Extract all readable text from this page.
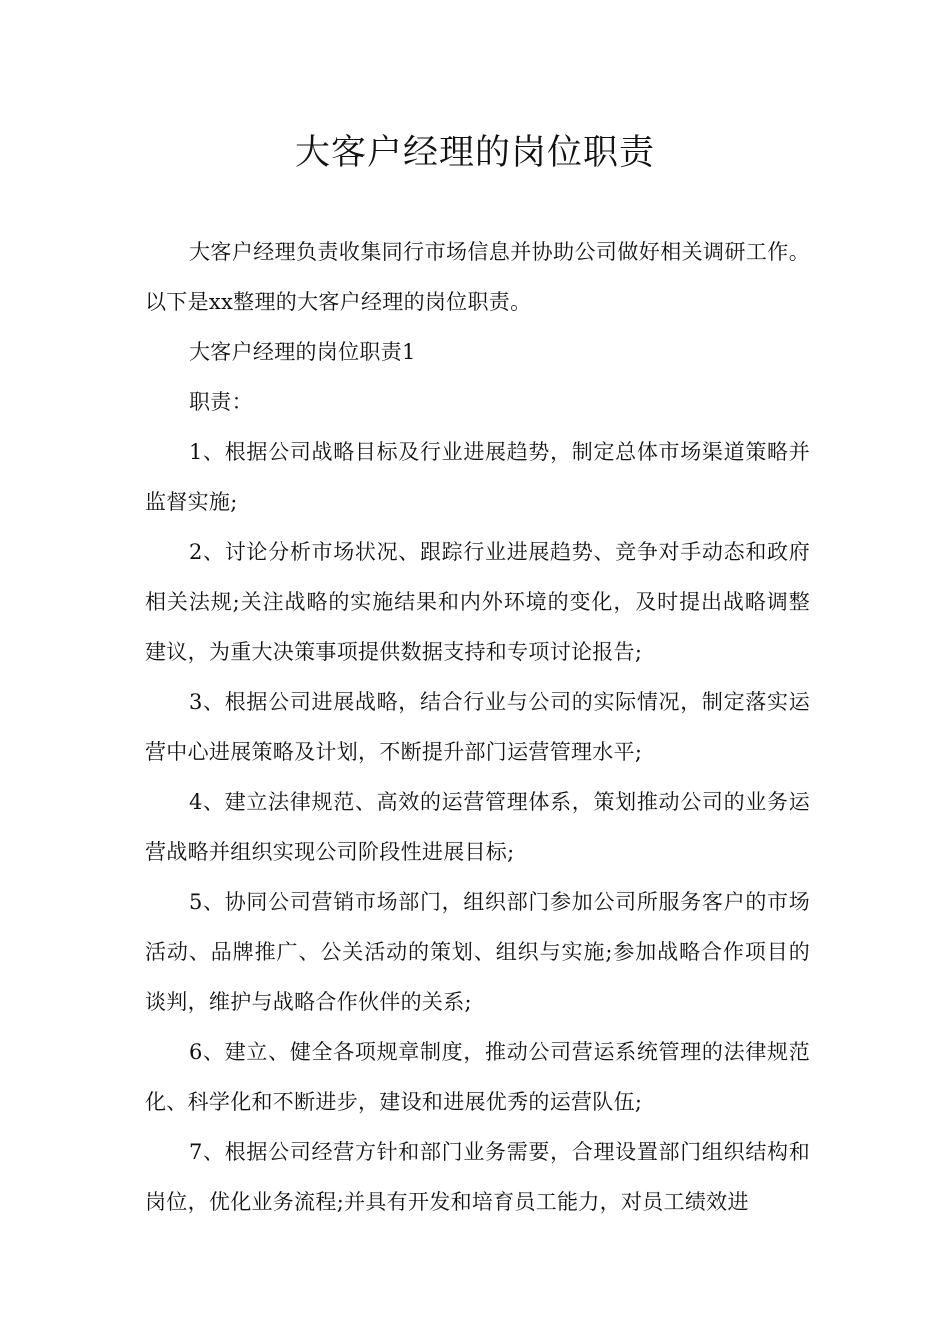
大客户经理的岗位职责

大客户经理负责收集同行市场信息并协助公司做好相关调研工作。以下是xx整理的大客户经理的岗位职责。

大客户经理的岗位职责1

职责：

1、根据公司战略目标及行业进展趋势，制定总体市场渠道策略并监督实施;

2、讨论分析市场状况、跟踪行业进展趋势、竞争对手动态和政府相关法规;关注战略的实施结果和内外环境的变化，及时提出战略调整建议，为重大决策事项提供数据支持和专项讨论报告;

3、根据公司进展战略，结合行业与公司的实际情况，制定落实运营中心进展策略及计划，不断提升部门运营管理水平;

4、建立法律规范、高效的运营管理体系，策划推动公司的业务运营战略并组织实现公司阶段性进展目标;

5、协同公司营销市场部门，组织部门参加公司所服务客户的市场活动、品牌推广、公关活动的策划、组织与实施;参加战略合作项目的谈判，维护与战略合作伙伴的关系;

6、建立、健全各项规章制度，推动公司营运系统管理的法律规范化、科学化和不断进步，建设和进展优秀的运营队伍;

7、根据公司经营方针和部门业务需要，合理设置部门组织结构和岗位，优化业务流程;并具有开发和培育员工能力，对员工绩效进
